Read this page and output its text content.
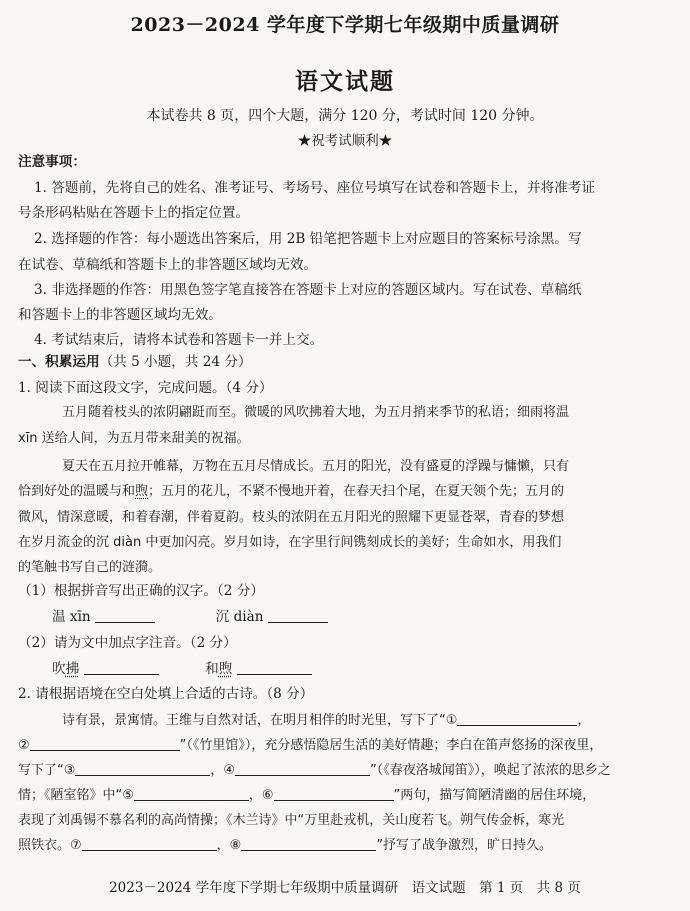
2023－2024 学年度下学期七年级期中质量调研
语文试题
本试卷共 8 页，四个大题，满分 120 分，考试时间 120 分钟。
★祝考试顺利★
注意事项：
1. 答题前，先将自己的姓名、准考证号、考场号、座位号填写在试卷和答题卡上，并将准考证
号条形码粘贴在答题卡上的指定位置。
2. 选择题的作答：每小题选出答案后，用 2B 铅笔把答题卡上对应题目的答案标号涂黑。写
在试卷、草稿纸和答题卡上的非答题区域均无效。
3. 非选择题的作答：用黑色签字笔直接答在答题卡上对应的答题区域内。写在试卷、草稿纸
和答题卡上的非答题区域均无效。
4. 考试结束后，请将本试卷和答题卡一并上交。
一、积累运用（共 5 小题，共 24 分）
1. 阅读下面这段文字，完成问题。（4 分）
五月随着枝头的浓阴翩跹而至。微暖的风吹拂着大地，为五月捎来季节的私语；细雨将温
xīn 送给人间，为五月带来甜美的祝福。
夏天在五月拉开帷幕，万物在五月尽情成长。五月的阳光，没有盛夏的浮躁与慵懒，只有
恰到好处的温暖与和煦；五月的花儿，不紧不慢地开着，在春天扫个尾，在夏天领个先；五月的
微风，情深意暖，和着春潮，伴着夏韵。枝头的浓阴在五月阳光的照耀下更显苍翠，青春的梦想
在岁月流金的沉 diàn 中更加闪亮。岁月如诗，在字里行间镌刻成长的美好；生命如水，用我们
的笔触书写自己的涟漪。
（1）根据拼音写出正确的汉字。（2 分）
温 xīn	沉 diàn
（2）请为文中加点字注音。（2 分）
吹拂	和煦
2. 请根据语境在空白处填上合适的古诗。（8 分）
诗有景，景寓情。王维与自然对话，在明月相伴的时光里，写下了“①	，
②	”（《竹里馆》），充分感悟隐居生活的美好情趣；李白在笛声悠扬的深夜里，
写下了“③	，④	”（《春夜洛城闻笛》），唤起了浓浓的思乡之
情；《陋室铭》中“⑤	，⑥	”两句，描写简陋清幽的居住环境，
表现了刘禹锡不慕名利的高尚情操；《木兰诗》中“万里赴戎机，关山度若飞。朔气传金柝，寒光
照铁衣。⑦	，⑧	”抒写了战争激烈，旷日持久。
2023－2024 学年度下学期七年级期中质量调研　语文试题　第 1 页　共 8 页
